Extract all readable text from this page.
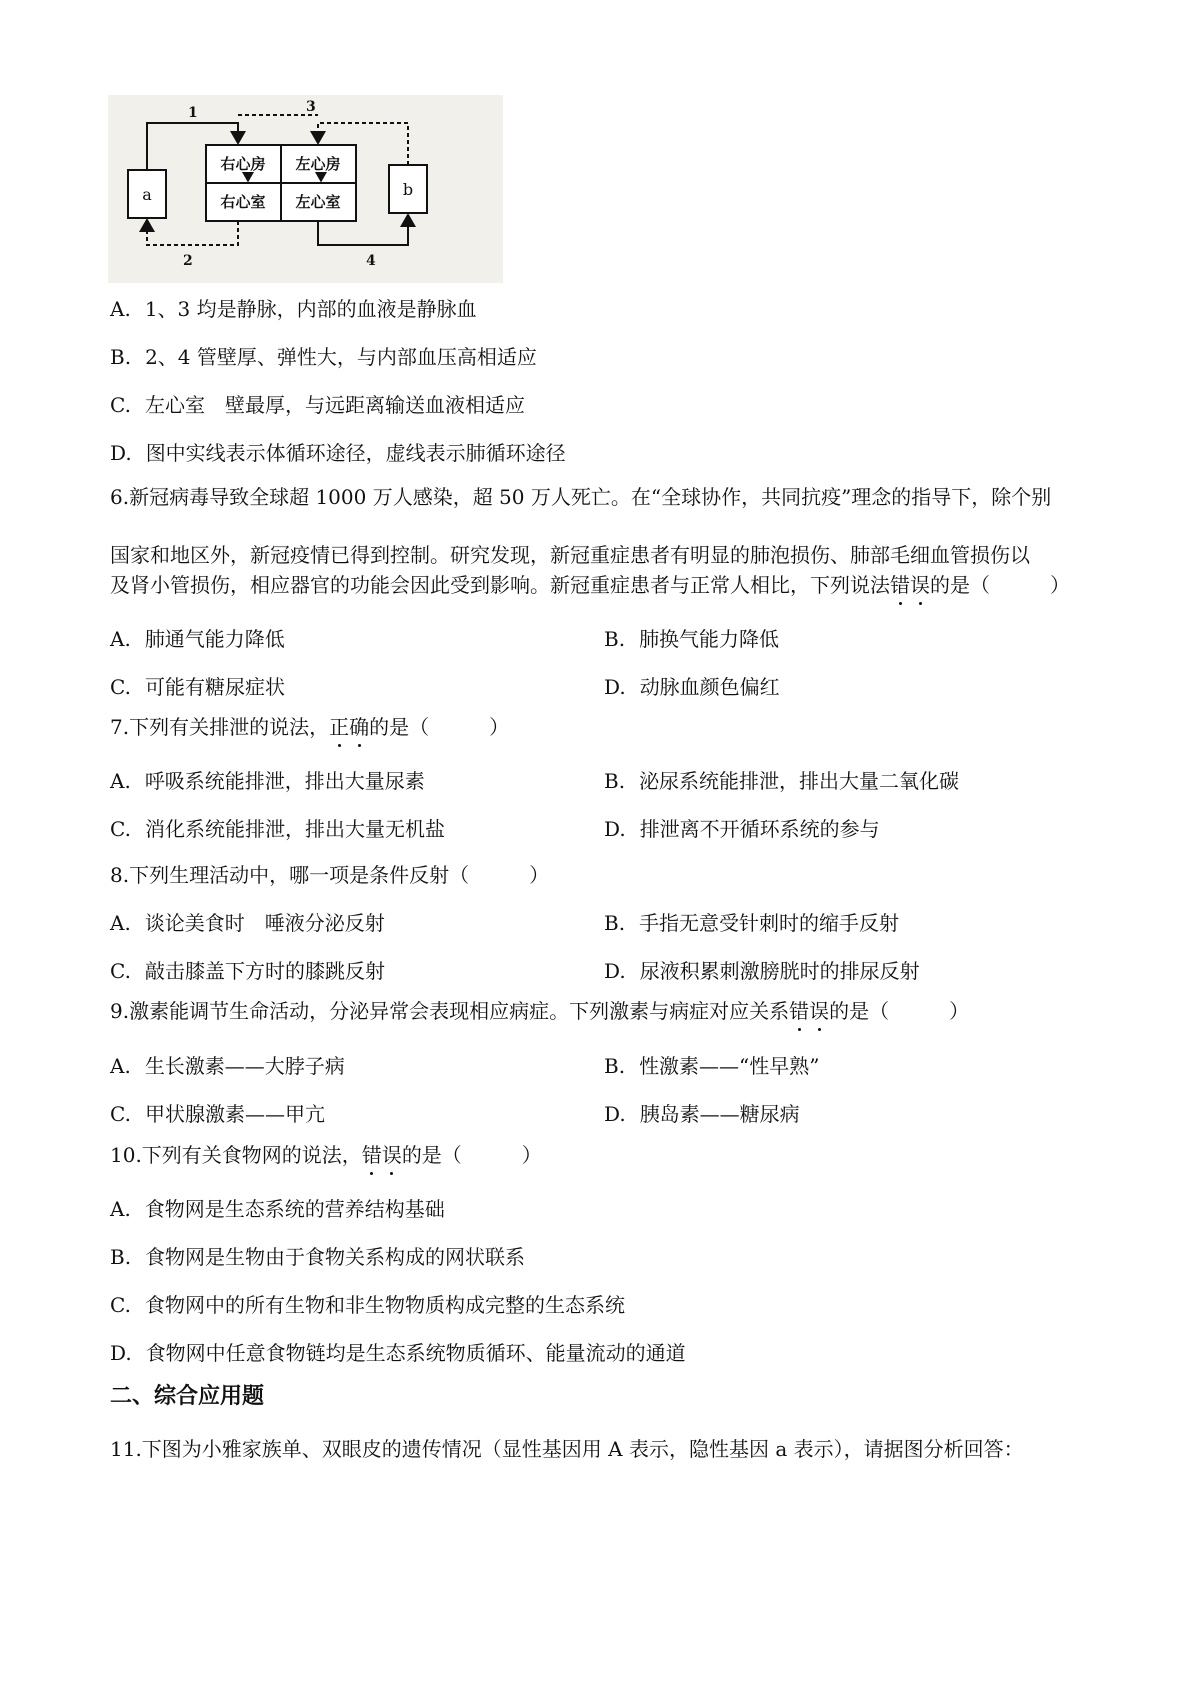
a	b
右心房 左心房
右心室 左心室
1	3
2	4
A. 1、3 均是静脉，内部的血液是静脉血
B. 2、4 管壁厚、弹性大，与内部血压高相适应
C. 左心室　壁最厚，与远距离输送血液相适应
D. 图中实线表示体循环途径，虚线表示肺循环途径
6.新冠病毒导致全球超 1000 万人感染，超 50 万人死亡。在“全球协作，共同抗疫”理念的指导下，除个别
国家和地区外，新冠疫情已得到控制。研究发现，新冠重症患者有明显的肺泡损伤、肺部毛细血管损伤以
及肾小管损伤，相应器官的功能会因此受到影响。新冠重症患者与正常人相比，下列说法错误的是（　　　）
A. 肺通气能力降低	B. 肺换气能力降低
C. 可能有糖尿症状	D. 动脉血颜色偏红
7.下列有关排泄的说法，正确的是（　　　）
A. 呼吸系统能排泄，排出大量尿素	B. 泌尿系统能排泄，排出大量二氧化碳
C. 消化系统能排泄，排出大量无机盐	D. 排泄离不开循环系统的参与
8.下列生理活动中，哪一项是条件反射（　　　）
A. 谈论美食时　唾液分泌反射	B. 手指无意受针刺时的缩手反射
C. 敲击膝盖下方时的膝跳反射	D. 尿液积累刺激膀胱时的排尿反射
9.激素能调节生命活动，分泌异常会表现相应病症。下列激素与病症对应关系错误的是（　　　）
A. 生长激素——大脖子病	B. 性激素——“性早熟”
C. 甲状腺激素——甲亢	D. 胰岛素——糖尿病
10.下列有关食物网的说法，错误的是（　　　）
A. 食物网是生态系统的营养结构基础
B. 食物网是生物由于食物关系构成的网状联系
C. 食物网中的所有生物和非生物物质构成完整的生态系统
D. 食物网中任意食物链均是生态系统物质循环、能量流动的通道
二、综合应用题
11.下图为小雅家族单、双眼皮的遗传情况（显性基因用 A 表示，隐性基因 a 表示），请据图分析回答：
